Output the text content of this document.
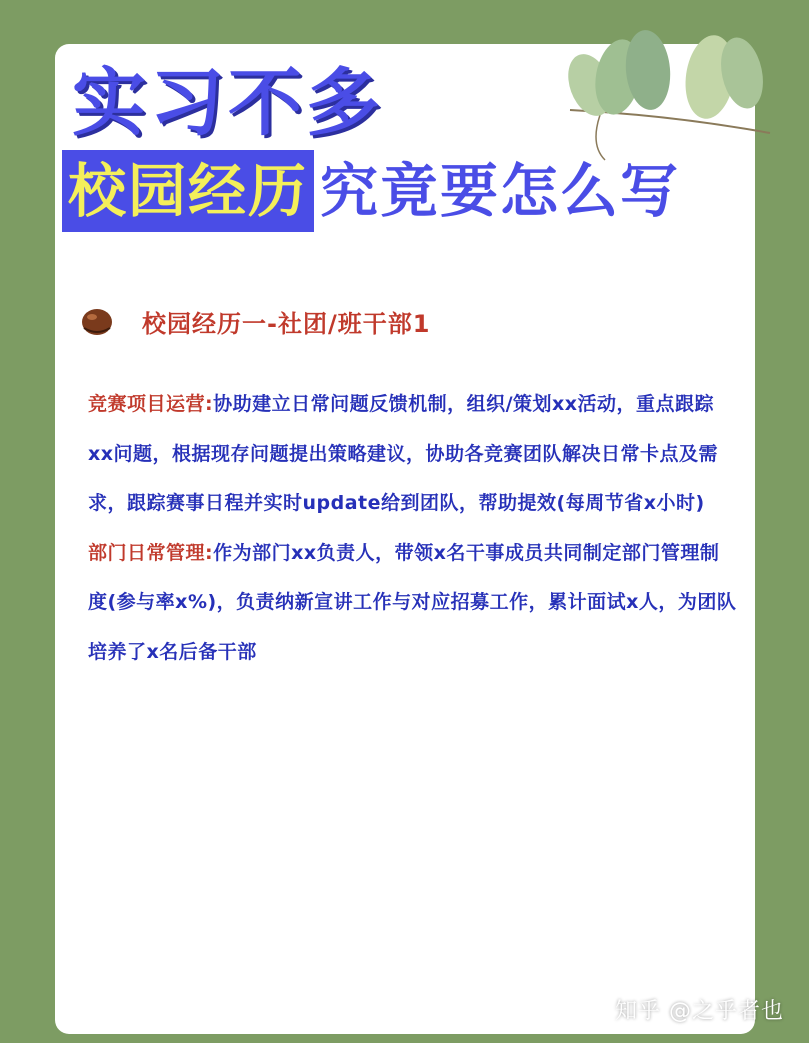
实习不多
校园经历 究竟要怎么写
校园经历一-社团/班干部1

竞赛项目运营:协助建立日常问题反馈机制，组织/策划xx活动，重点跟踪xx问题，根据现存问题提出策略建议，协助各竞赛团队解决日常卡点及需求，跟踪赛事日程并实时update给到团队，帮助提效(每周节省x小时)

部门日常管理:作为部门xx负责人，带领x名干事成员共同制定部门管理制度(参与率x%)，负责纳新宣讲工作与对应招募工作，累计面试x人，为团队培养了x名后备干部

知乎 @之乎者也
